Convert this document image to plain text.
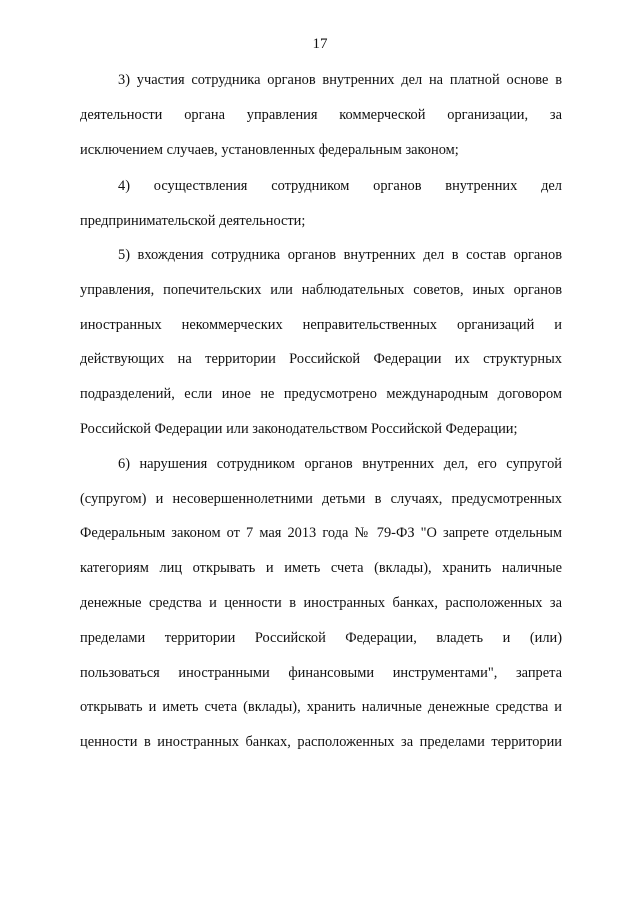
17
3) участия сотрудника органов внутренних дел на платной основе в
деятельности органа управления коммерческой организации, за
исключением случаев, установленных федеральным законом;
4) осуществления сотрудником органов внутренних дел
предпринимательской деятельности;
5) вхождения сотрудника органов внутренних дел в состав органов
управления, попечительских или наблюдательных советов, иных органов
иностранных некоммерческих неправительственных организаций и
действующих на территории Российской Федерации их структурных
подразделений, если иное не предусмотрено международным договором
Российской Федерации или законодательством Российской Федерации;
6) нарушения сотрудником органов внутренних дел, его супругой
(супругом) и несовершеннолетними детьми в случаях, предусмотренных
Федеральным законом от 7 мая 2013 года № 79-ФЗ "О запрете отдельным
категориям лиц открывать и иметь счета (вклады), хранить наличные
денежные средства и ценности в иностранных банках, расположенных за
пределами территории Российской Федерации, владеть и (или)
пользоваться иностранными финансовыми инструментами", запрета
открывать и иметь счета (вклады), хранить наличные денежные средства и
ценности в иностранных банках, расположенных за пределами территории
